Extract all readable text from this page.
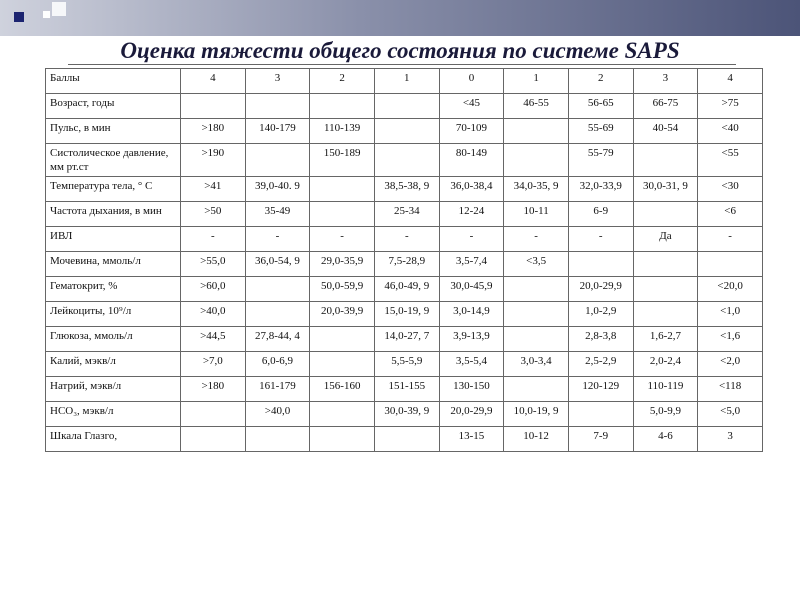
Оценка тяжести общего состояния по системе SAPS
Баллы	4	3	2	1	0	1	2	3	4
Возраст, годы					<45	46-55	56-65	66-75	>75
Пульс, в мин	>180	140-179	110-139		70-109		55-69	40-54	<40
Систолическое давление, мм рт.ст	>190		150-189		80-149		55-79		<55
Температура тела, ° С	>41	39,0-40. 9		38,5-38, 9	36,0-38,4	34,0-35, 9	32,0-33,9	30,0-31, 9	<30
Частота дыхания, в мин	>50	35-49		25-34	12-24	10-11	6-9		<6
ИВЛ	-	-	-	-	-	-	-	Да	-
Мочевина, ммоль/л	>55,0	36,0-54, 9	29,0-35,9	7,5-28,9	3,5-7,4	<3,5			
Гематокрит, %	>60,0		50,0-59,9	46,0-49, 9	30,0-45,9		20,0-29,9		<20,0
Лейкоциты, 10⁹/л	>40,0		20,0-39,9	15,0-19, 9	3,0-14,9		1,0-2,9		<1,0
Глюкоза, ммоль/л	>44,5	27,8-44, 4		14,0-27, 7	3,9-13,9		2,8-3,8	1,6-2,7	<1,6
Калий, мэкв/л	>7,0	6,0-6,9		5,5-5,9	3,5-5,4	3,0-3,4	2,5-2,9	2,0-2,4	<2,0
Натрий, мэкв/л	>180	161-179	156-160	151-155	130-150		120-129	110-119	<118
HCO₃, мэкв/л		>40,0		30,0-39, 9	20,0-29,9	10,0-19, 9		5,0-9,9	<5,0
Шкала Глазго,					13-15	10-12	7-9	4-6	3
